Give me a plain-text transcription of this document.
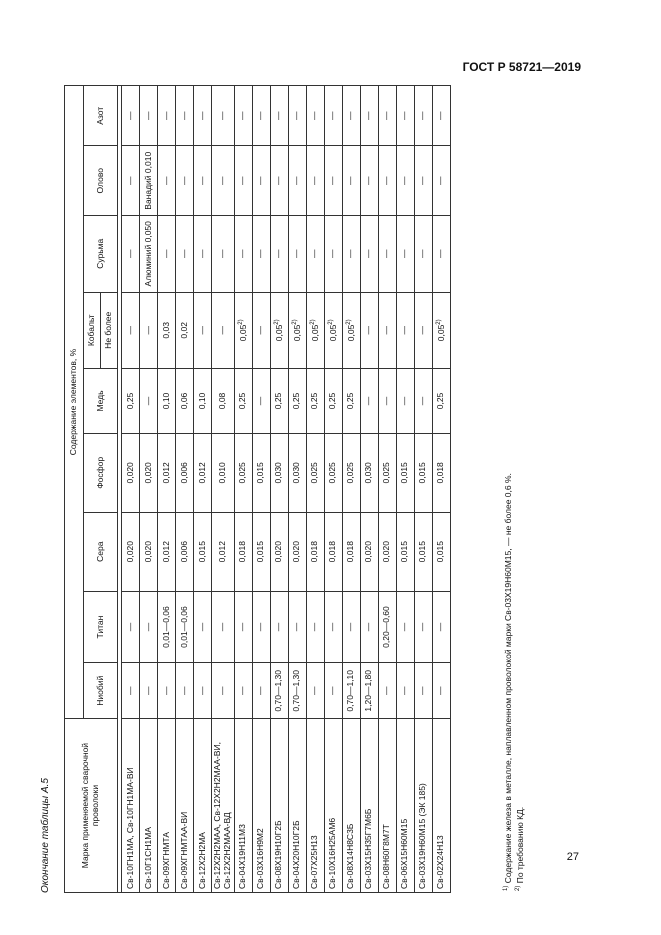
ГОСТ Р 58721—2019
Окончание таблицы А.5	Марка применяемой сварочной проволоки	Содержание элементов, %								
	Ниобий	Титан	Сера	Фосфор	Медь	Кобальт	Сурьма	Олово	Азот
						Не более			

Св-10ГН1МА, Св-10ГН1МА-ВИ	—	—	0,020	0,020	0,25	—	—	—	—
Св-10Г1СН1МА	—	—	0,020	0,020	—	—	Алюминий 0,050	Ванадий 0,010	—
Св-09ХГНМТА	—	0,01—0,06	0,012	0,012	0,10	0,03	—	—	—
Св-09ХГНМТАА-ВИ	—	0,01—0,06	0,006	0,006	0,06	0,02	—	—	—
Св-12Х2Н2МА	—	—	0,015	0,012	0,10	—	—	—	—
Св-12Х2Н2МАА, Св-12Х2Н2МАА-ВИ, Св-12Х2Н2МАА-ВД	—	—	0,012	0,010	0,08	—	—	—	—
Св-04Х19Н11М3	—	—	0,018	0,025	0,25	0,05$^{2)}$	—	—	—
Св-03Х16Н9М2	—	—	0,015	0,015	—	—	—	—	—
Св-08Х19Н10Г2Б	0,70—1,30	—	0,020	0,030	0,25	0,05$^{2)}$	—	—	—
Св-04Х20Н10Г2Б	0,70—1,30	—	0,020	0,030	0,25	0,05$^{2)}$	—	—	—
Св-07Х25Н13	—	—	0,018	0,025	0,25	0,05$^{2)}$	—	—	—
Св-10Х16Н25АМ6	—	—	0,018	0,025	0,25	0,05$^{2)}$	—	—	—
Св-08Х14Н8С3Б	0,70—1,10	—	0,018	0,025	0,25	0,05$^{2)}$	—	—	—
Св-03Х15Н35Г7М6Б	1,20—1,80	—	0,020	0,030	—	—	—	—	—
Св-08Н60Г8М7Т	—	0,20—0,60	0,020	0,025	—	—	—	—	—
Св-06Х15Н60М15	—	—	0,015	0,015	—	—	—	—	—
Св-03Х19Н60М15 (ЭК 185)	—	—	0,015	0,015	—	—	—	—	—
Св-02Х24Н13	—	—	0,015	0,018	0,25	0,05$^{2)}$	—	—	—
$^{1)}$ Содержание железа в металле, наплавленном проволокой марки Св-03Х19Н60М15, — не более 0,6 %.
$^{2)}$ По требованию КД.	27
